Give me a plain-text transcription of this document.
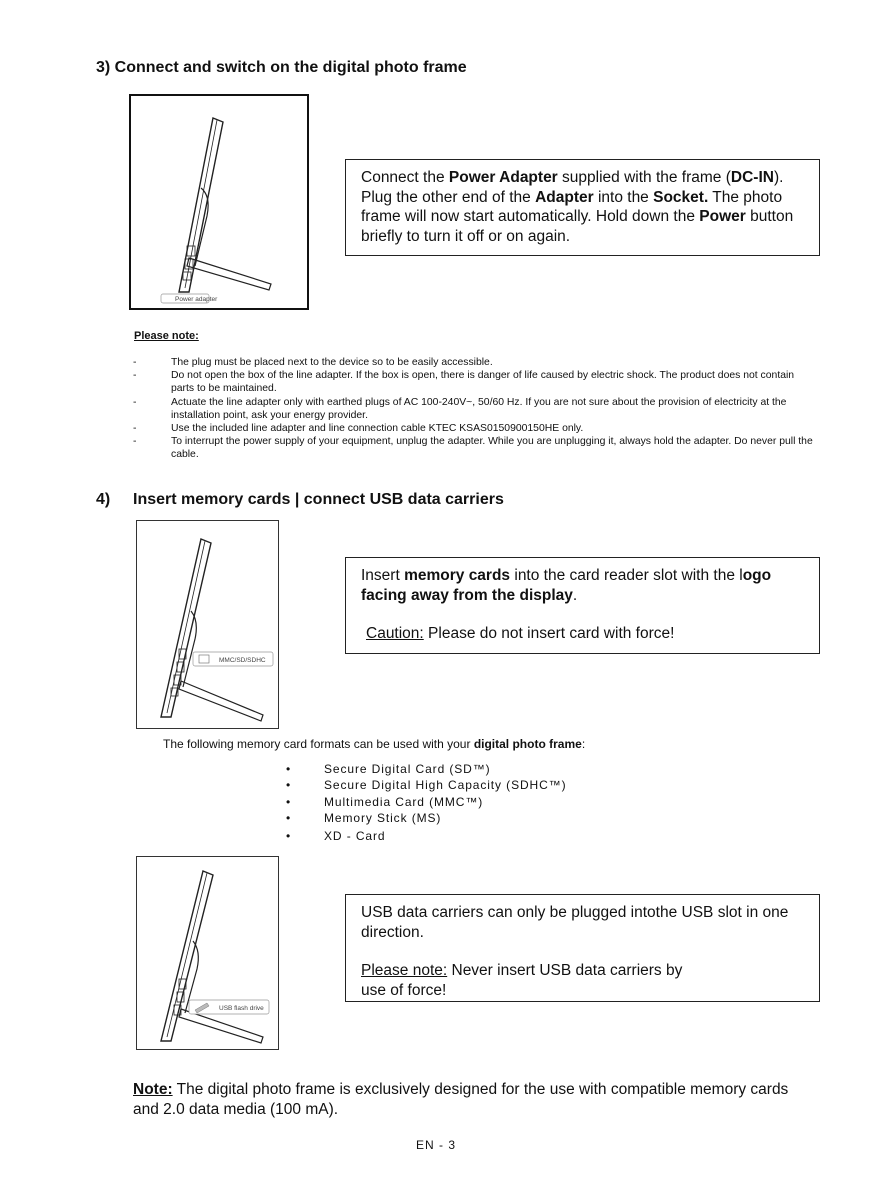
3) Connect and switch on the digital photo frame
Power adapter
Connect the Power Adapter supplied with the frame (DC-IN). Plug the other end of the Adapter into the Socket. The photo frame will now start automatically. Hold down the Power button briefly to turn it off or on again.
Please note:
-	The plug must be placed next to the device so to be easily accessible.
-	Do not open the box of the line adapter. If the box is open, there is danger of life caused by electric shock. The product does not contain parts to be maintained.
-	Actuate the line adapter only with earthed plugs of AC 100-240V~, 50/60 Hz. If you are not sure about the provision of electricity at the installation point, ask your energy provider.
-	Use the included line adapter and line connection cable KTEC KSAS0150900150HE only.
-	To interrupt the power supply of your equipment, unplug the adapter. While you are unplugging it, always hold the adapter. Do never pull the cable.
4) Insert memory cards | connect USB data carriers
MMC/SD/SDHC
Insert memory cards into the card reader slot with the logo facing away from the display.
Caution: Please do not insert card with force!
The following memory card formats can be used with your digital photo frame:
•	Secure Digital Card (SD™)
•	Secure Digital High Capacity (SDHC™)
•	Multimedia Card (MMC™)
•	Memory Stick (MS)
•	XD - Card
USB flash drive
USB data carriers can only be plugged intothe USB slot in one direction.
Please note: Never insert USB data carriers by use of force!
Note: The digital photo frame is exclusively designed for the use with compatible memory cards and 2.0 data media (100 mA).
EN - 3
